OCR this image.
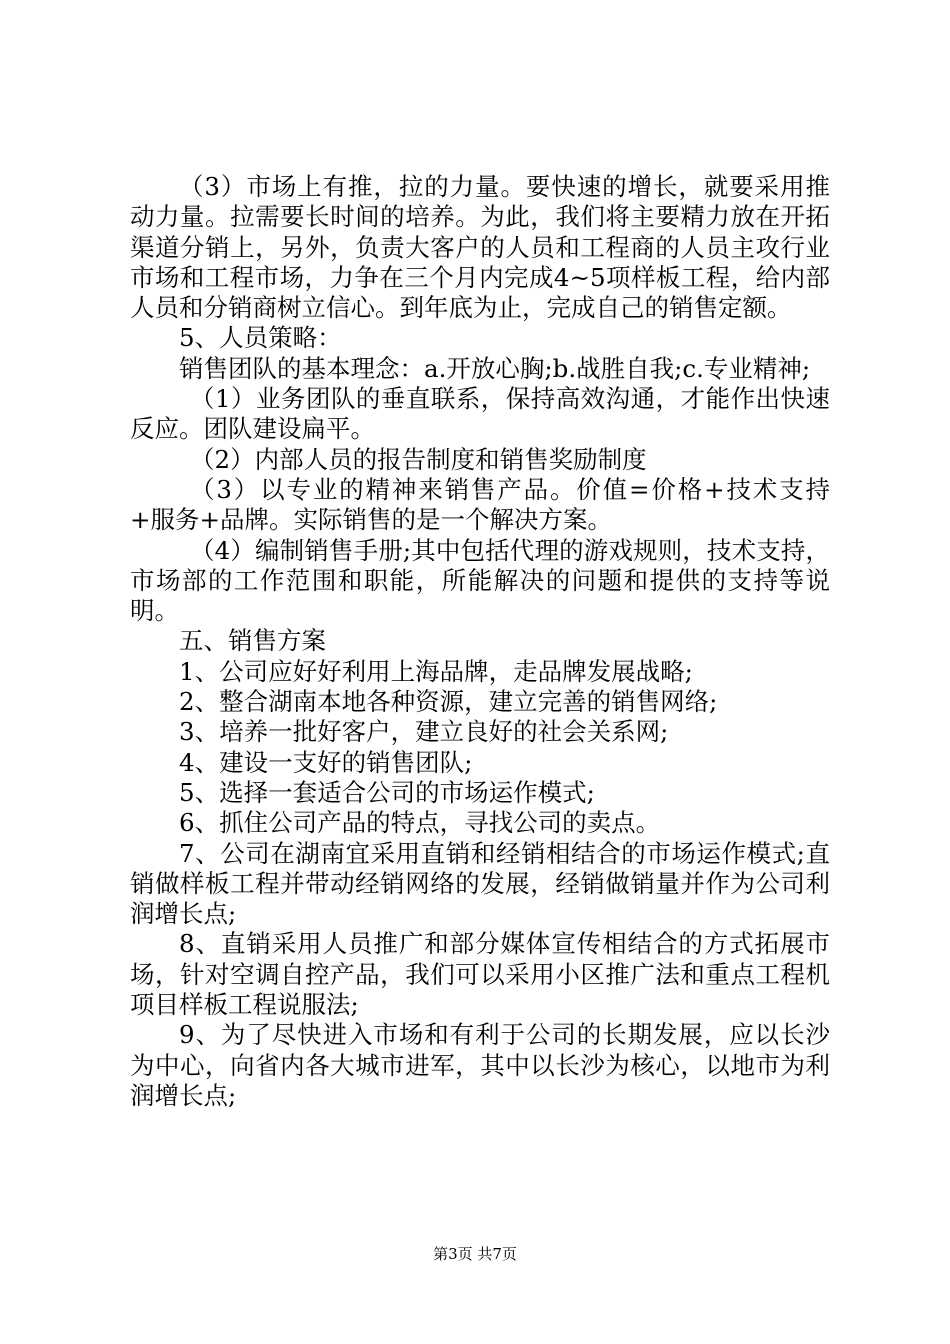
（3）市场上有推，拉的力量。要快速的增长，就要采用推动力量。拉需要长时间的培养。为此，我们将主要精力放在开拓渠道分销上，另外，负责大客户的人员和工程商的人员主攻行业市场和工程市场，力争在三个月内完成4~5项样板工程，给内部人员和分销商树立信心。到年底为止，完成自己的销售定额。

5、人员策略：

销售团队的基本理念：a.开放心胸;b.战胜自我;c.专业精神;

（1）业务团队的垂直联系，保持高效沟通，才能作出快速反应。团队建设扁平。

（2）内部人员的报告制度和销售奖励制度

（3）以专业的精神来销售产品。价值=价格+技术支持+服务+品牌。实际销售的是一个解决方案。

（4）编制销售手册;其中包括代理的游戏规则，技术支持，市场部的工作范围和职能，所能解决的问题和提供的支持等说明。

五、销售方案

1、公司应好好利用上海品牌，走品牌发展战略;

2、整合湖南本地各种资源，建立完善的销售网络;

3、培养一批好客户，建立良好的社会关系网;

4、建设一支好的销售团队;

5、选择一套适合公司的市场运作模式;

6、抓住公司产品的特点，寻找公司的卖点。

7、公司在湖南宜采用直销和经销相结合的市场运作模式;直销做样板工程并带动经销网络的发展，经销做销量并作为公司利润增长点;

8、直销采用人员推广和部分媒体宣传相结合的方式拓展市场，针对空调自控产品，我们可以采用小区推广法和重点工程机项目样板工程说服法;

9、为了尽快进入市场和有利于公司的长期发展，应以长沙为中心，向省内各大城市进军，其中以长沙为核心，以地市为利润增长点;

第3页 共7页
